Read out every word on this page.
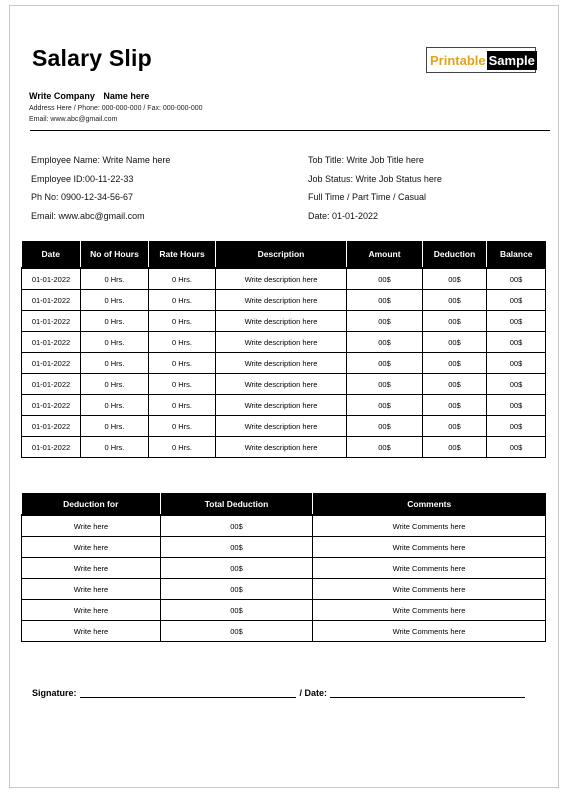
Salary Slip	Printable Sample
Write Company Name here
Address Here / Phone: 000-000-000 / Fax: 000-000-000
Email: www.abc@gmail.com
Employee Name: Write Name here
Employee ID:00-11-22-33
Ph No: 0900-12-34-56-67
Email: www.abc@gmail.com
Tob Title: Write Job Title here
Job Status: Write Job Status here
Full Time / Part Time / Casual
Date: 01-01-2022
Date	No of Hours	Rate Hours	Description	Amount	Deduction	Balance
01-01-2022	0 Hrs.	0 Hrs.	Write description here	00$	00$	00$
01-01-2022	0 Hrs.	0 Hrs.	Write description here	00$	00$	00$
01-01-2022	0 Hrs.	0 Hrs.	Write description here	00$	00$	00$
01-01-2022	0 Hrs.	0 Hrs.	Write description here	00$	00$	00$
01-01-2022	0 Hrs.	0 Hrs.	Write description here	00$	00$	00$
01-01-2022	0 Hrs.	0 Hrs.	Write description here	00$	00$	00$
01-01-2022	0 Hrs.	0 Hrs.	Write description here	00$	00$	00$
01-01-2022	0 Hrs.	0 Hrs.	Write description here	00$	00$	00$
01-01-2022	0 Hrs.	0 Hrs.	Write description here	00$	00$	00$
Deduction for	Total Deduction	Comments
Write here	00$	Write Comments here
Write here	00$	Write Comments here
Write here	00$	Write Comments here
Write here	00$	Write Comments here
Write here	00$	Write Comments here
Write here	00$	Write Comments here
Signature:	/ Date:
